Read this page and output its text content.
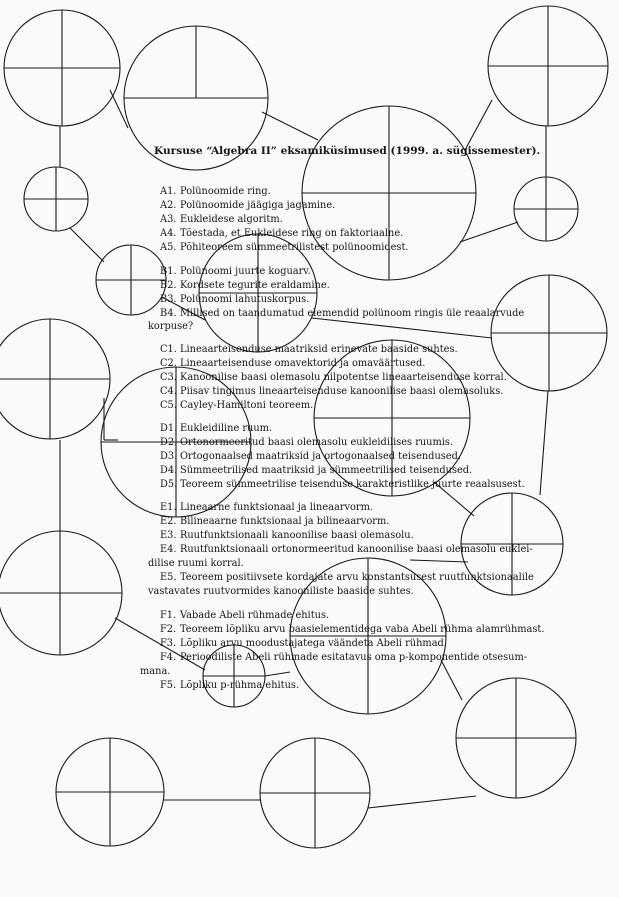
Kursuse “Algebra II” eksamiküsimused (1999. a. sügissemester).
A1.Polünoomide ring.
A2.Polünoomide jäägiga jagamine.
A3.Eukleidese algoritm.
A4.Tõestada, et Eukleidese ring on faktoriaalne.
A5.Põhiteoreem sümmeetrilistest polünoomidest.
B1.Polünoomi juurte koguarv.
B2.Kordsete tegurite eraldamine.
B3.Polünoomi lahutuskorpus.
B4.Millised on taandumatud elemendid polünoom ringis üle reaalarvude
korpuse?
C1.Lineaarteisenduse maatriksid erinevate baaside suhtes.
C2.Lineaarteisenduse omavektorid ja omaväärtused.
C3.Kanoonilise baasi olemasolu nilpotentse lineaarteisenduse korral.
C4.Piisav tingimus lineaarteisenduse kanoonilise baasi olemasoluks.
C5.Cayley-Hamiltoni teoreem.
D1.Eukleidiline ruum.
D2.Ortonormeeritud baasi olemasolu eukleidilises ruumis.
D3.Ortogonaalsed maatriksid ja ortogonaalsed teisendused.
D4.Sümmeetrilised maatriksid ja sümmeetrilised teisendused.
D5.Teoreem sümmeetrilise teisenduse karakteristlike juurte reaalsusest.
E1.Lineaarne funktsionaal ja lineaarvorm.
E2.Bilineaarne funktsionaal ja bilineaarvorm.
E3.Ruutfunktsionaali kanoonilise baasi olemasolu.
E4.Ruutfunktsionaali ortonormeeritud kanoonilise baasi olemasolu euklei-
dilise ruumi korral.
E5.Teoreem positiivsete kordajate arvu konstantsusest ruutfunktsionaalile
vastavates ruutvormides kanooniliste baaside suhtes.
F1.Vabade Abeli rühmade ehitus.
F2.Teoreem lõpliku arvu baasielementidega vaba Abeli rühma alamrühmast.
F3.Lõpliku arvu moodustajatega väändeta Abeli rühmad.
F4.Perioodiliste Abeli rühmade esitatavus oma p-komponentide otsesum-
mana.
F5.Lõpliku p-rühma ehitus.
